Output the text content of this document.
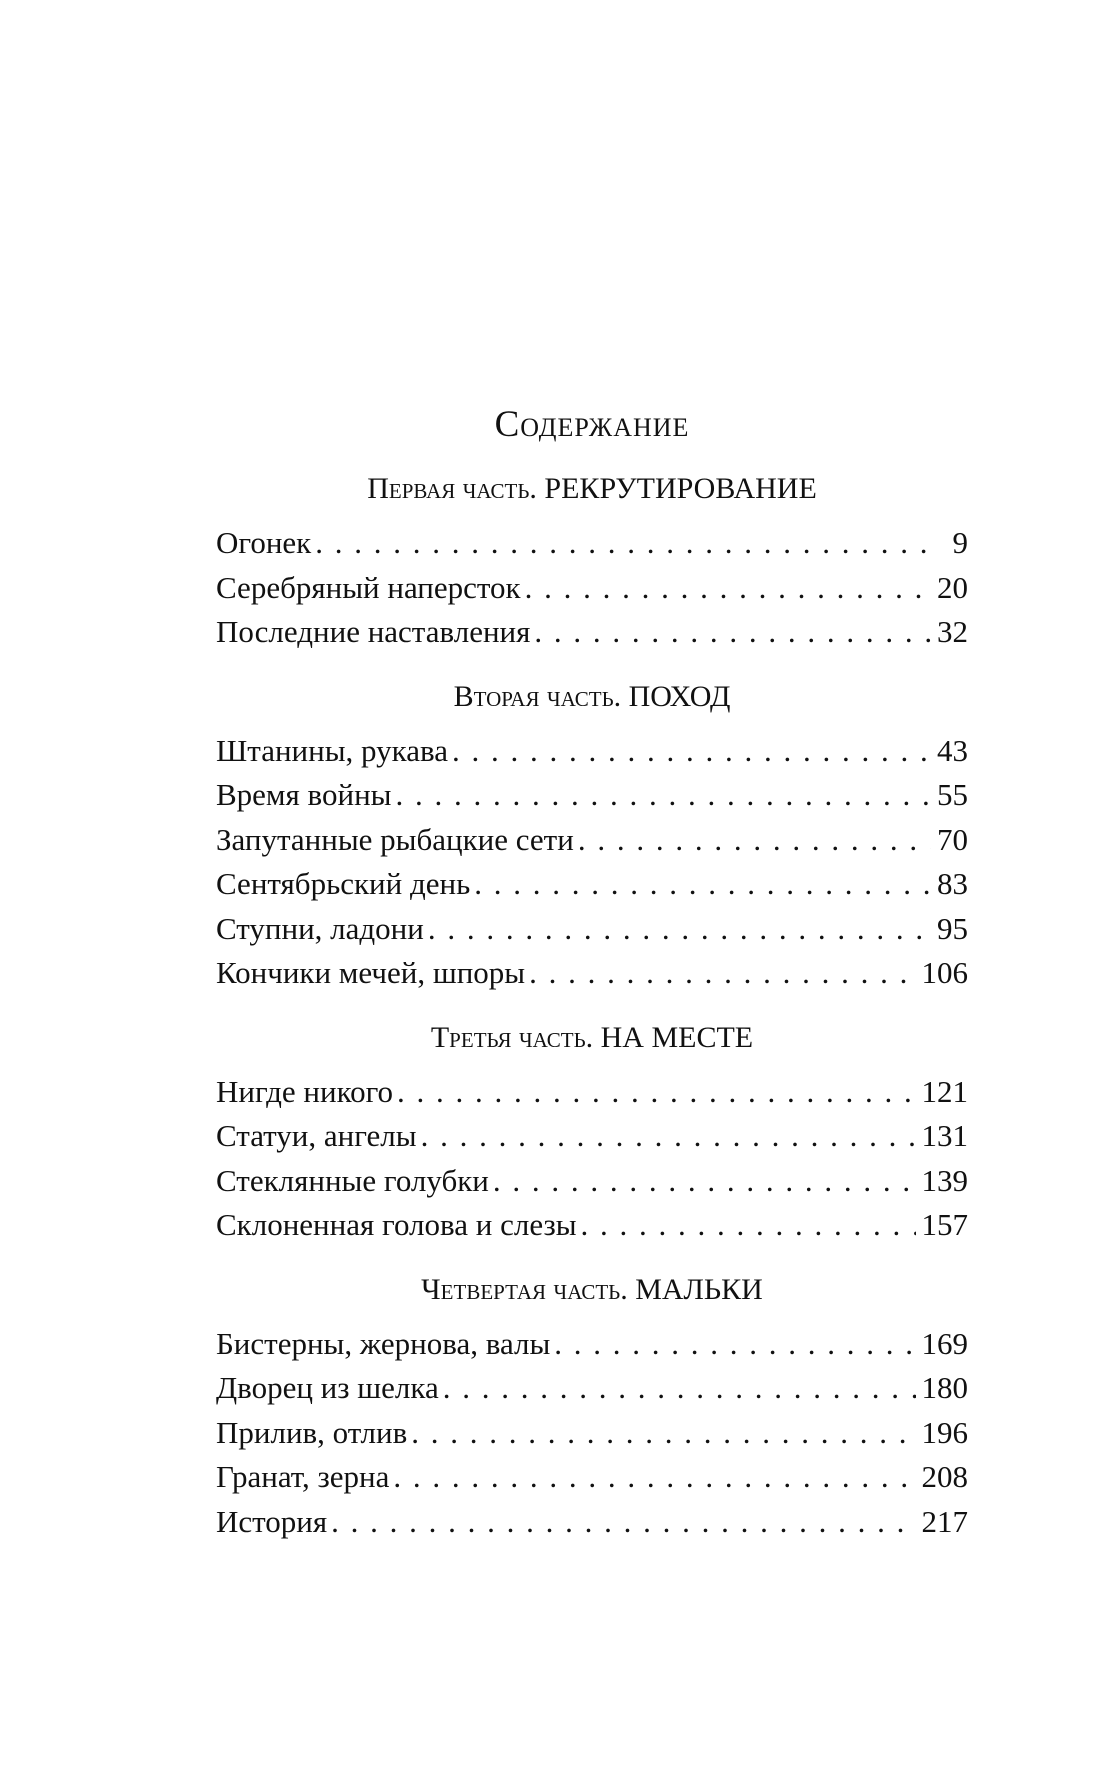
Содержание
Первая часть. РЕКРУТИРОВАНИЕ
Огонек . . .	9
Серебряный наперсток . . .	20
Последние наставления . . .	32
Вторая часть. ПОХОД
Штанины, рукава . . .	43
Время войны . . .	55
Запутанные рыбацкие сети . . .	70
Сентябрьский день . . .	83
Ступни, ладони . . .	95
Кончики мечей, шпоры . . .	106
Третья часть. НА МЕСТЕ
Нигде никого . . .	121
Статуи, ангелы . . .	131
Стеклянные голубки . . .	139
Склоненная голова и слезы . . .	157
Четвертая часть. МАЛЬКИ
Бистерны, жернова, валы . . .	169
Дворец из шелка . . .	180
Прилив, отлив . . .	196
Гранат, зерна . . .	208
История . . .	217
